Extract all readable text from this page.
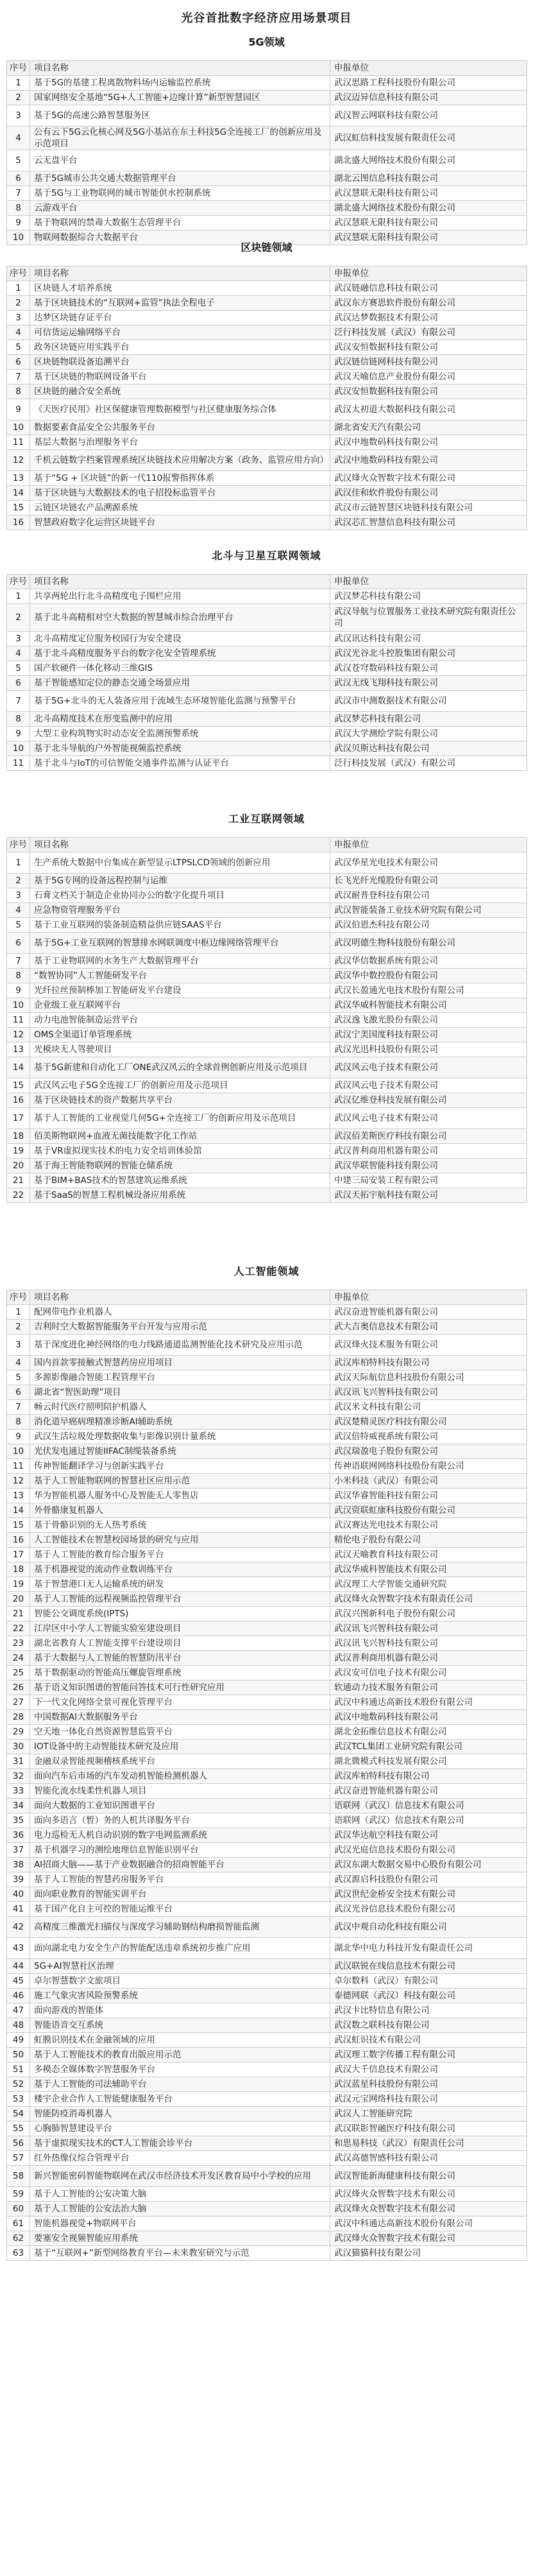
光谷首批数字经济应用场景项目
5G领域
序号	项目名称	申报单位
1	基于5G的基建工程离散物料场内运输监控系统	武汉思路工程科技股份有限公司
2	国家网络安全基地“5G+人工智能+边缘计算”新型智慧园区	武汉迈异信息科技有限公司
3	基于5G的高速公路智慧服务区	武汉智云网联科技有限公司
4	公有云下5G云化核心网及5G小基站在东土科技5G全连接工厂的创新应用及示范项目	武汉虹信科技发展有限责任公司
5	云无盘平台	湖北盛大网络技术股份有限公司
6	基于5G城市公共交通大数据管理平台	湖北云图信息科技有限公司
7	基于5G与工业物联网的城市智能供水控制系统	武汉慧联无限科技有限公司
8	云游戏平台	湖北盛大网络技术股份有限公司
9	基于物联网的禁毒大数据生态管理平台	武汉慧联无限科技有限公司
10	物联网数据综合大数据平台	武汉慧联无限科技有限公司
区块链领域
序号	项目名称	申报单位
1	区块链人才培养系统	武汉链融信息科技有限公司
2	基于区块链技术的“互联网+监管”执法全程电子	武汉东方赛思软件股份有限公司
3	达梦区块链存证平台	武汉达梦数据技术有限公司
4	可信货运运输网络平台	泛行科技发展（武汉）有限公司
5	政务区块链应用实践平台	武汉安恒数据科技有限公司
6	区块链物联设备追溯平台	武汉链信链网科技有限公司
7	基于区块链的物联网设备平台	武汉天喻信息产业股份有限公司
8	区块链的融合安全系统	武汉安恒数据科技有限公司
9	《天医疗民用》社区保健康管理数据模型与社区健康服务综合体	武汉太初道大数据科技有限公司
10	数据要素食品安全公共服务平台	湖北省安天汽有限公司
11	基层大数据与治理服务平台	武汉中地数码科技有限公司
12	千机云链数字档案管理系统区块链技术应用解决方案（政务、监管应用方向）	武汉中地数码科技有限公司
13	基于“5G + 区块链”的新一代110报警指挥体系	武汉烽火众智数字技术有限公司
14	基于区块链与大数据技术的电子招投标监管平台	武汉佳和软件股份有限公司
15	云链区块链农产品溯源系统	武汉市云链智慧区块链科技有限公司
16	智慧政府数字化运营区块链平台	武汉芯汇智慧信息科技有限公司
北斗与卫星互联网领域
序号	项目名称	申报单位
1	共享两轮出行北斗高精度电子围栏应用	武汉梦芯科技有限公司
2	基于北斗高精相对空大数据的智慧城市综合治理平台	武汉导航与位置服务工业技术研究院有限责任公司
3	北斗高精度定位服务校园行为安全建设	武汉讯达科技有限公司
4	基于北斗高精度服务平台的数字化安全管理系统	武汉光谷北斗控股集团有限公司
5	国产软硬件一体化移动三维GIS	武汉苍穹数码科技有限公司
6	基于智能感知定位的静态交通全场景应用	武汉无线飞翔科技有限公司
7	基于5G+北斗的无人装备应用于流域生态环境智能化监测与预警平台	武汉市中测数据技术有限公司
8	北斗高精度技术在形变监测中的应用	武汉梦芯科技有限公司
9	大型工业构筑物实时动态安全监测预警系统	武汉大学测绘学院有限公司
10	基于北斗导航的户外智能视频监控系统	武汉贝斯达科技有限公司
11	基于北斗与IoT的可信智能交通事件监测与认证平台	泛行科技发展（武汉）有限公司
工业互联网领域
序号	项目名称	申报单位
1	生产系统大数据中台集成在新型显示LTPSLCD领域的创新应用	武汉华星光电技术有限公司
2	基于5G专网的设备远程控制与运维	长飞光纤光缆股份有限公司
3	石膏文档关于制造企业协同办公的数字化提升项目	武汉耐普登科技有限公司
4	应急物资管理服务平台	武汉智能装备工业技术研究院有限公司
5	基于工业互联网的装备制造精益供应链SAAS平台	武汉伯恩杰科技有限公司
6	基于5G+工业互联网的智慧排水网联调度中枢边缘网络管理平台	武汉明德生物科技股份有限公司
7	基于工业物联网的水务生产大数据管理平台	武汉华信数据系统有限公司
8	“数智协同”人工智能研发平台	武汉华中数控股份有限公司
9	光纤拉丝预制棒加工智能研发平台建设	武汉长盈通光电技术股份有限公司
10	企业级工业互联网平台	武汉华威科智能技术有限公司
11	动力电池智能制造运营平台	武汉逸飞激光股份有限公司
12	OMS全渠道订单管理系统	武汉宁美国度科技有限公司
13	光模块无人驾驶项目	武汉光迅科技股份有限公司
14	基于5G新建和自动化工厂ONE武汉风云的全球首例创新应用及示范项目	武汉风云电子技术有限公司
15	武汉风云电子5G全连接工厂的创新应用及示范项目	武汉风云电子技术有限公司
16	基于区块链技术的资产数据共享平台	武汉亿维登科技发展有限公司
17	基于人工智能的工业视觉几何5G+全连接工厂的创新应用及示范项目	武汉风云电子技术有限公司
18	佰美斯物联网+血液无菌技能数字化工作站	武汉佰美斯医疗科技有限公司
19	基于VR虚拟现实技术的电力安全培训体验馆	武汉普利商用机器有限公司
20	基于海王智能物联网的智能仓储系统	武汉华联智能科技有限公司
21	基于BIM+BAS技术的智慧建筑运维系统	中建三局安装工程有限公司
22	基于SaaS的智慧工程机械设备应用系统	武汉天拓宇航科技有限公司
人工智能领域
序号	项目名称	申报单位
1	配网带电作业机器人	武汉奋进智能机器有限公司
2	吉利时空大数据智能服务平台开发与应用示范	武大吉奥信息技术有限公司
3	基于深度进化神经网络的电力线路通道监测智能化技术研究及应用示范	武汉烽火技术服务有限公司
4	国内首款零接触式智慧药房应用项目	武汉库柏特科技有限公司
5	多源影像融合智能工程管理平台	武汉天际航信息科技股份有限公司
6	湖北省“智医助理”项目	武汉讯飞兴智科技有限公司
7	畅云时代医疗照明陪护机器人	武汉米文科技有限公司
8	消化道早癌病理精准诊断AI辅助系统	武汉楚精灵医疗科技有限公司
9	武汉生活垃圾处理数据收集与影像识别计量系统	武汉倍特威视系统有限公司
10	光伏发电通过智能IIFAC制缆装备系统	武汉瑞盈电子股份有限公司
11	传神智能翻译学习与创新实践平台	传神语联网网络科技股份有限公司
12	基于人工智能物联网的智慧社区应用示范	小米科技（武汉）有限公司
13	华为智能机器人服务中心及智能无人零售店	武汉华睿智能科技有限公司
14	外骨骼康复机器人	武汉资联虹康科技股份有限公司
15	基于骨骼识别的无人热考系统	武汉赛达光电技术有限公司
16	人工智能技术在智慧校园场景的研究与应用	精伦电子股份有限公司
17	基于人工智能的教育综合服务平台	武汉天喻教育科技有限公司
18	基于机器视觉的流动作业数训练平台	武汉华威科智能技术有限公司
19	基于智慧港口无人运输系统的研发	武汉理工大学智能交通研究院
20	基于人工智能的远程视频监控管理平台	武汉烽火众智数字技术有限责任公司
21	智能公交调度系统(IPTS)	武汉兴图新科电子股份有限公司
22	江岸区中小学人工智能实验室建设项目	武汉讯飞兴智科技有限公司
23	湖北省教育人工智能支撑平台建设项目	武汉讯飞兴智科技有限公司
24	基于大数据与人工智能的智慧防汛平台	武汉普利商用机器有限公司
25	基于数据驱动的智能高压螺旋管理系统	武汉安可信电子技术有限公司
26	基于语义知识图谱的智能问答技术可行性研究应用	软通动力技术服务有限公司
27	下一代文化网络全景可视化管理平台	武汉中科通达高新技术股份有限公司
28	中国数据AI大数据服务平台	武汉中地数码科技有限公司
29	空天地一体化自然资源智慧监管平台	湖北金拓维信息技术有限公司
30	IOT设备中的主动智能技术研究及应用	武汉TCL集团工业研究院有限公司
31	金融双录智能视频稽核系统平台	湖北微模式科技发展有限公司
32	面向汽车后市场的汽车发动机智能检测机器人	武汉库柏特科技有限公司
33	智能化流水线柔性机器人项目	武汉奋进智能机器有限公司
34	面向大数据的工业知识图谱平台	语联网（武汉）信息技术有限公司
35	面向多语言（暂）务的人机共译服务平台	语联网（武汉）信息技术有限公司
36	电力巡检无人机自动识别的数字电网监测系统	武汉华达航空科技有限公司
37	基于机器学习的测绘地理信息智能识别平台	武汉光庭信息技术股份有限公司
38	AI招商大脑——基于产业数据融合的招商智能平台	武汉东湖大数据交易中心股份有限公司
39	基于人工智能的智慧药房服务平台	武汉源启科技股份有限公司
40	面向职业教育的智能实训平台	武汉世纪金桥安全技术有限公司
41	基于国产化自主可控的智能运维平台	武汉光谷信息技术股份有限公司
42	高精度三维激光扫描仪与深度学习辅助钢结构磨损智能监测	武汉中观自动化科技有限公司
43	面向湖北电力安全生产的智能配送违章系统初步推广应用	湖北华中电力科技开发有限责任公司
44	5G+AI智慧社区治理	武汉联锐在线信息技术有限公司
45	卓尔智慧数字文旅项目	卓尔数科（武汉）有限公司
46	施工气象灾害风险预警系统	泰德网联（武汉）科技有限公司
47	面向游戏的智能体	武汉卡比特信息有限公司
48	智能语音交互系统	武汉数之联科技有限公司
49	虹膜识别技术在金融领域的应用	武汉虹识技术有限公司
50	基于人工智能技术的教育出版应用示范	武汉理工数字传播工程有限公司
51	多模态全媒体数字智慧服务平台	武汉大千信息技术有限公司
52	基于人工智能的司法辅助平台	武汉蓝星科技股份有限公司
53	楼宇企业合作人工智能健康服务平台	武汉元宝网络科技有限公司
54	智能防疫消毒机器人	武汉人工智能研究院
55	心胸肺智慧建设平台	武汉联影智融医疗科技有限公司
56	基于虚拟现实技术的CT人工智能会诊平台	和思易科技（武汉）有限责任公司
57	红外热像仪综合管理平台	武汉高德智感科技有限公司
58	新兴智能密码智能物联网在武汉市经济技术开发区教育局中小学校的应用	武汉智能新海健康科技有限公司
59	基于人工智能的公安决策大脑	武汉烽火众智数字技术有限公司
60	基于人工智能的公安法治大脑	武汉烽火众智数字技术有限公司
61	智能机器视觉+物联网平台	武汉中科通达高新技术股份有限公司
62	要塞安全视频智能应用系统	武汉烽火众智数字技术有限公司
63	基于“互联网+”新型网络教育平台—未来教室研究与示范	武汉猫猫科技有限公司
